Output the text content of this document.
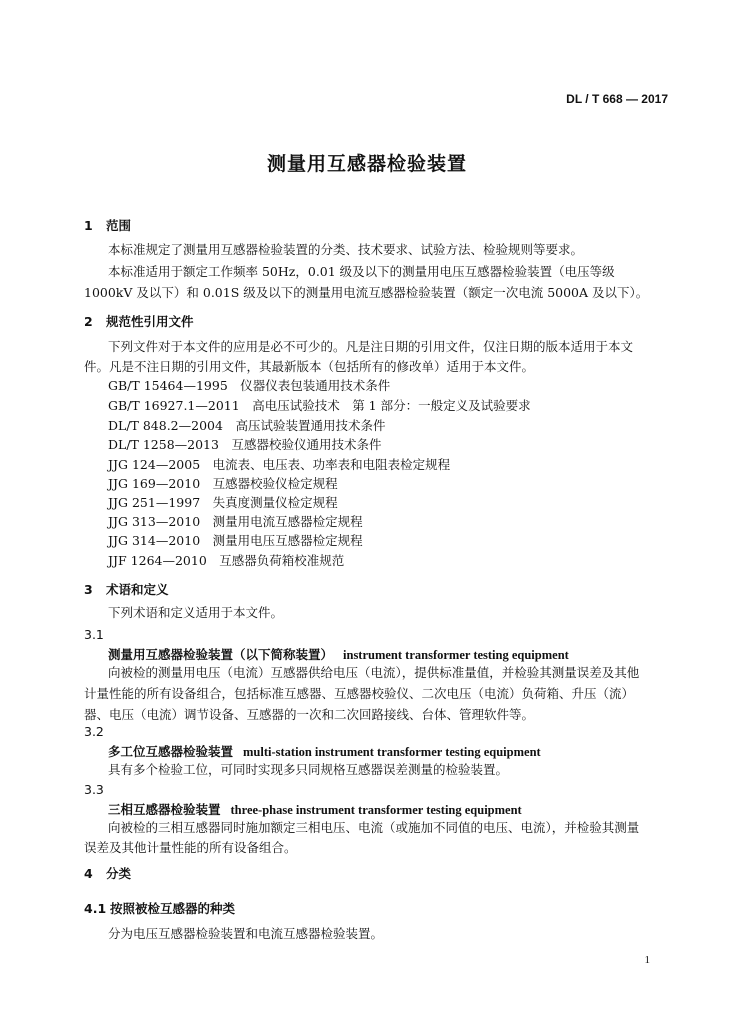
DL / T 668 — 2017
测量用互感器检验装置
1 范围
本标准规定了测量用互感器检验装置的分类、技术要求、试验方法、检验规则等要求。
本标准适用于额定工作频率 50Hz，0.01 级及以下的测量用电压互感器检验装置（电压等级
1000kV 及以下）和 0.01S 级及以下的测量用电流互感器检验装置（额定一次电流 5000A 及以下）。
2 规范性引用文件
下列文件对于本文件的应用是必不可少的。凡是注日期的引用文件，仅注日期的版本适用于本文
件。凡是不注日期的引用文件，其最新版本（包括所有的修改单）适用于本文件。
GB/T 15464—1995　仪器仪表包装通用技术条件
GB/T 16927.1—2011　高电压试验技术　第 1 部分：一般定义及试验要求
DL/T 848.2—2004　高压试验装置通用技术条件
DL/T 1258—2013　互感器校验仪通用技术条件
JJG 124—2005　电流表、电压表、功率表和电阻表检定规程
JJG 169—2010　互感器校验仪检定规程
JJG 251—1997　失真度测量仪检定规程
JJG 313—2010　测量用电流互感器检定规程
JJG 314—2010　测量用电压互感器检定规程
JJF 1264—2010　互感器负荷箱校准规范
3 术语和定义
下列术语和定义适用于本文件。
3.1
测量用互感器检验装置（以下简称装置） instrument transformer testing equipment
向被检的测量用电压（电流）互感器供给电压（电流），提供标准量值，并检验其测量误差及其他
计量性能的所有设备组合，包括标准互感器、互感器校验仪、二次电压（电流）负荷箱、升压（流）
器、电压（电流）调节设备、互感器的一次和二次回路接线、台体、管理软件等。
3.2
多工位互感器检验装置 multi-station instrument transformer testing equipment
具有多个检验工位，可同时实现多只同规格互感器误差测量的检验装置。
3.3
三相互感器检验装置 three-phase instrument transformer testing equipment
向被检的三相互感器同时施加额定三相电压、电流（或施加不同值的电压、电流），并检验其测量
误差及其他计量性能的所有设备组合。
4 分类
4.1 按照被检互感器的种类
分为电压互感器检验装置和电流互感器检验装置。
1
